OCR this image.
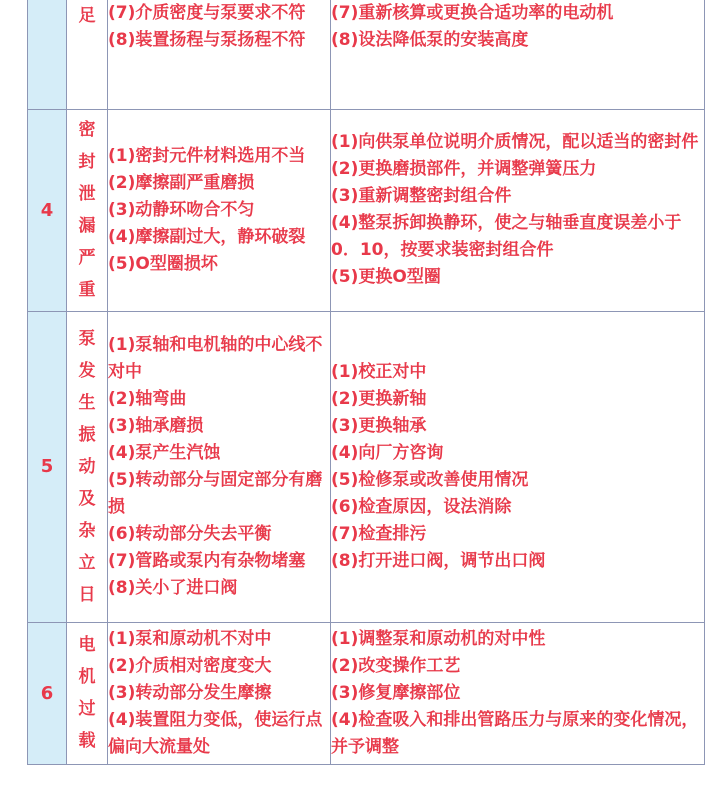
	足	(7)介质密度与泵要求不符
(8)装置扬程与泵扬程不符

(7)重新核算或更换合适功率的电动机
(8)设法降低泵的安装高度

4	密封泄漏严重	
(1)密封元件材料选用不当
(2)摩擦副严重磨损
(3)动静环吻合不匀
(4)摩擦副过大，静环破裂
(5)O型圈损坏

(1)向供泵单位说明介质情况，配以适当的密封件
(2)更换磨损部件，并调整弹簧压力
(3)重新调整密封组合件
(4)整泵拆卸换静环，使之与轴垂直度误差小于0．10，按要求装密封组合件
(5)更换O型圈

5	泵发生振动及杂立日	
(1)泵轴和电机轴的中心线不对中
(2)轴弯曲
(3)轴承磨损
(4)泵产生汽蚀
(5)转动部分与固定部分有磨损
(6)转动部分失去平衡
(7)管路或泵内有杂物堵塞
(8)关小了进口阀

(1)校正对中
(2)更换新轴
(3)更换轴承
(4)向厂方咨询
(5)检修泵或改善使用情况
(6)检查原因，设法消除
(7)检查排污
(8)打开进口阀，调节出口阀

6	电机过载	
(1)泵和原动机不对中
(2)介质相对密度变大
(3)转动部分发生摩擦
(4)装置阻力变低，使运行点偏向大流量处

(1)调整泵和原动机的对中性
(2)改变操作工艺
(3)修复摩擦部位
(4)检查吸入和排出管路压力与原来的变化情况，并予调整
